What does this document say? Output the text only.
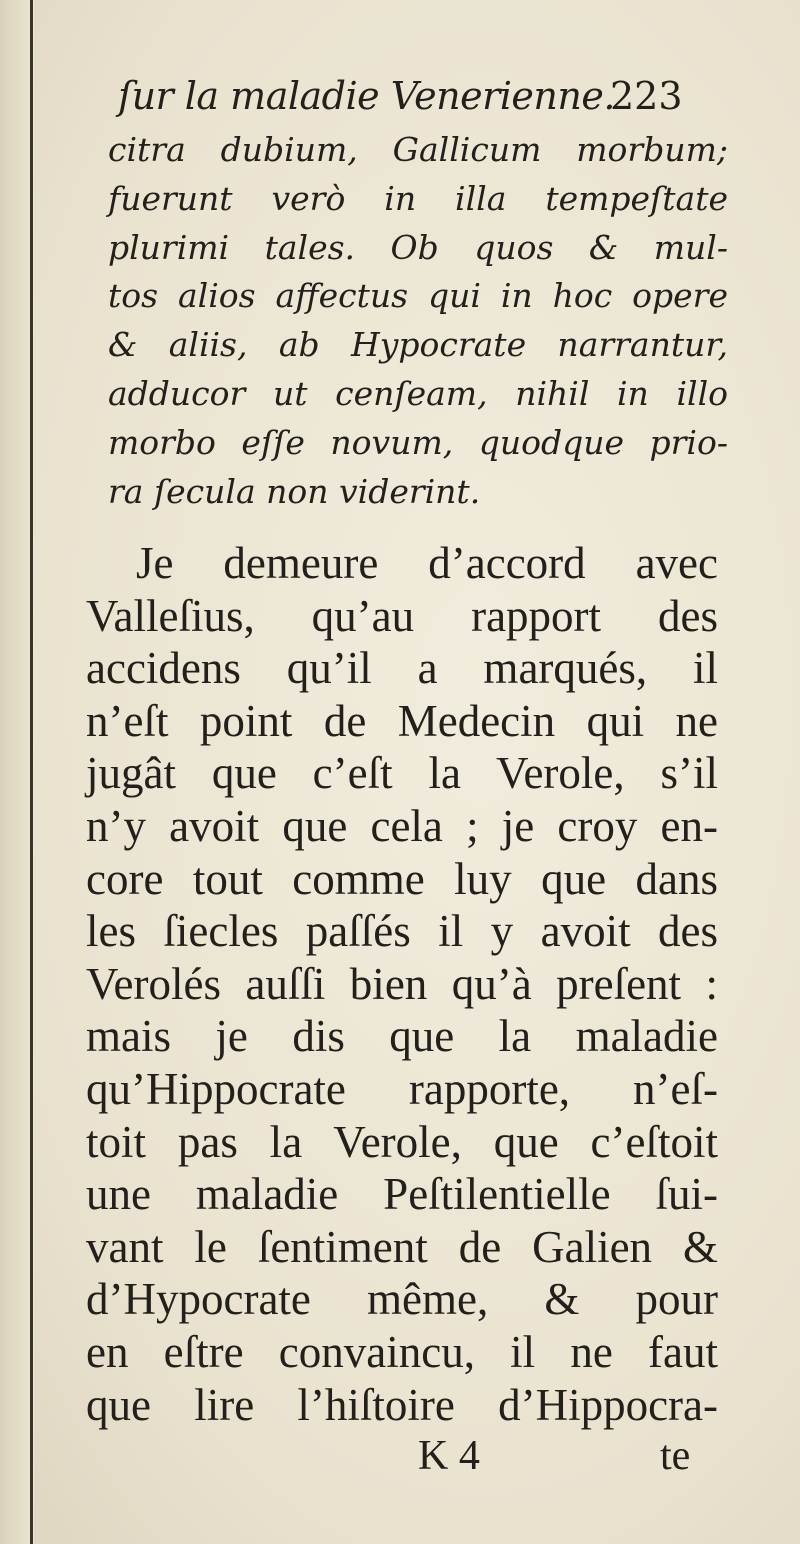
ſur la maladie Venerienne.
223
citra dubium, Gallicum morbum;
fuerunt verò in illa tempeſtate
plurimi tales. Ob quos & mul-
tos alios affectus qui in hoc opere
& aliis, ab Hypocrate narrantur,
adducor ut cenſeam, nihil in illo
morbo eſſe novum, quodque prio-
ra ſecula non viderint.
Je demeure d’accord avec
Valleſius, qu’au rapport des
accidens qu’il a marqués, il
n’eſt point de Medecin qui ne
jugât que c’eſt la Verole, s’il
n’y avoit que cela ; je croy en-
core tout comme luy que dans
les ſiecles paſſés il y avoit des
Verolés auſſi bien qu’à preſent :
mais je dis que la maladie
qu’Hippocrate rapporte, n’eſ-
toit pas la Verole, que c’eſtoit
une maladie Peſtilentielle ſui-
vant le ſentiment de Galien &
d’Hypocrate même, & pour
en eſtre convaincu, il ne faut
que lire l’hiſtoire d’Hippocra-
K 4	te
